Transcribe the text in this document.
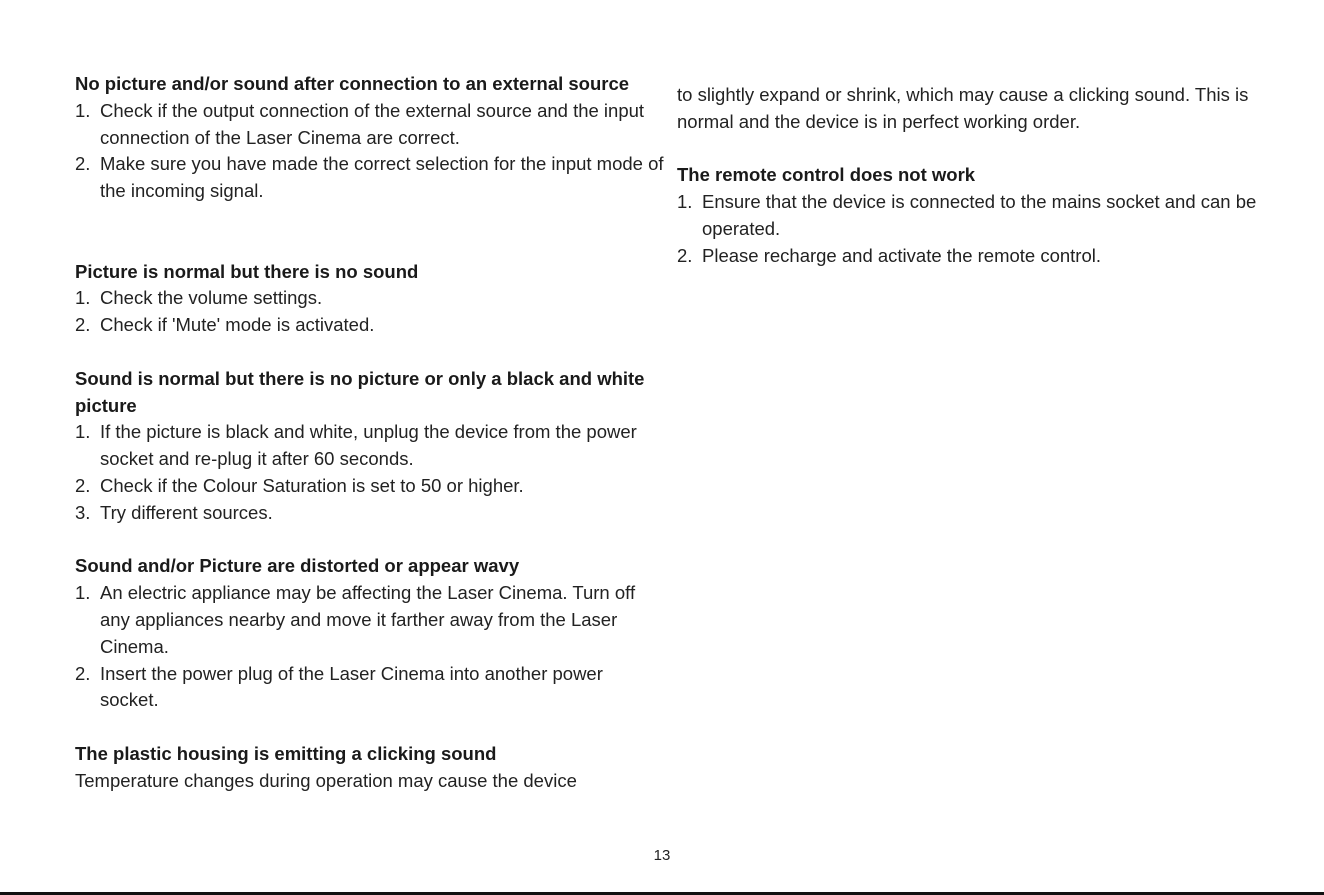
No picture and/or sound after connection to an external source
1. Check if the output connection of the external source and the input connection of the Laser Cinema are correct.
2. Make sure you have made the correct selection for the input mode of the incoming signal.
Picture is normal but there is no sound
1. Check the volume settings.
2. Check if 'Mute' mode is activated.
Sound is normal but there is no picture or only a black and white picture
1. If the picture is black and white, unplug the device from the power socket and re-plug it after 60 seconds.
2. Check if the Colour Saturation is set to 50 or higher.
3. Try different sources.
Sound and/or Picture are distorted or appear wavy
1. An electric appliance may be affecting the Laser Cinema. Turn off any appliances nearby and move it farther away from the Laser Cinema.
2. Insert the power plug of the Laser Cinema into another power socket.
The plastic housing is emitting a clicking sound
Temperature changes during operation may cause the device
to slightly expand or shrink, which may cause a clicking sound. This is normal and the device is in perfect working order.
The remote control does not work
1. Ensure that the device is connected to the mains socket and can be operated.
2. Please recharge and activate the remote control.
13
